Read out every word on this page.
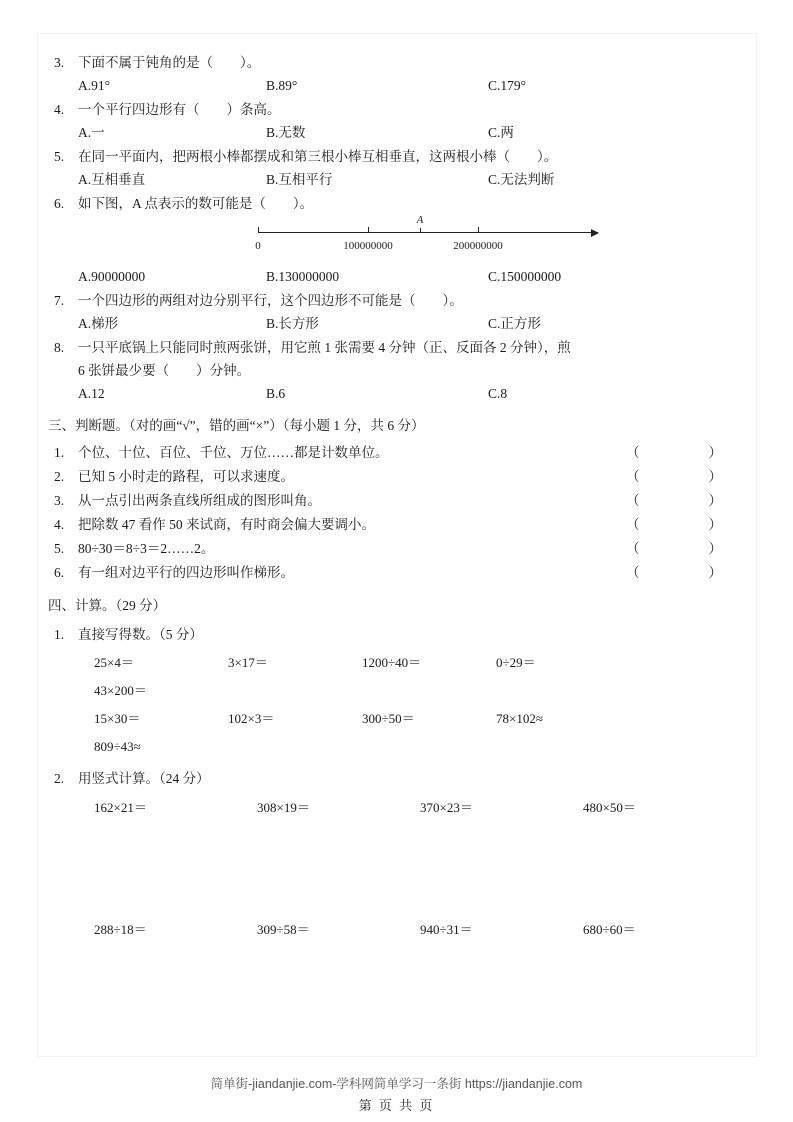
3.	下面不属于钝角的是（　　）。
A.91°	B.89°	C.179°
4.	一个平行四边形有（　　）条高。
A.一	B.无数	C.两
5.	在同一平面内，把两根小棒都摆成和第三根小棒互相垂直，这两根小棒（　　）。
A.互相垂直	B.互相平行	C.无法判断
6.	如下图，A 点表示的数可能是（　　）。
0	100000000	200000000
A
A.90000000	B.130000000	C.150000000
7.	一个四边形的两组对边分别平行，这个四边形不可能是（　　）。
A.梯形	B.长方形	C.正方形
8.	一只平底锅上只能同时煎两张饼，用它煎 1 张需要 4 分钟（正、反面各 2 分钟），煎
6 张饼最少要（　　）分钟。
A.12	B.6	C.8
三、判断题。（对的画“√”，错的画“×”）（每小题 1 分，共 6 分）
1.	个位、十位、百位、千位、万位……都是计数单位。	（　　）
2.	已知 5 小时走的路程，可以求速度。	（　　）
3.	从一点引出两条直线所组成的图形叫角。	（　　）
4.	把除数 47 看作 50 来试商，有时商会偏大要调小。	（　　）
5.	80÷30＝8÷3＝2……2。	（　　）
6.	有一组对边平行的四边形叫作梯形。	（　　）
四、计算。（29 分）
1.	直接写得数。（5 分）
25×4＝	3×17＝	1200÷40＝	0÷29＝
43×200＝
15×30＝	102×3＝	300÷50＝	78×102≈
809÷43≈
2.	用竖式计算。（24 分）
162×21＝	308×19＝	370×23＝	480×50＝
288÷18＝	309÷58＝	940÷31＝	680÷60＝
简单街-jiandanjie.com-学科网简单学习一条街 https://jiandanjie.com
第 页 共 页
